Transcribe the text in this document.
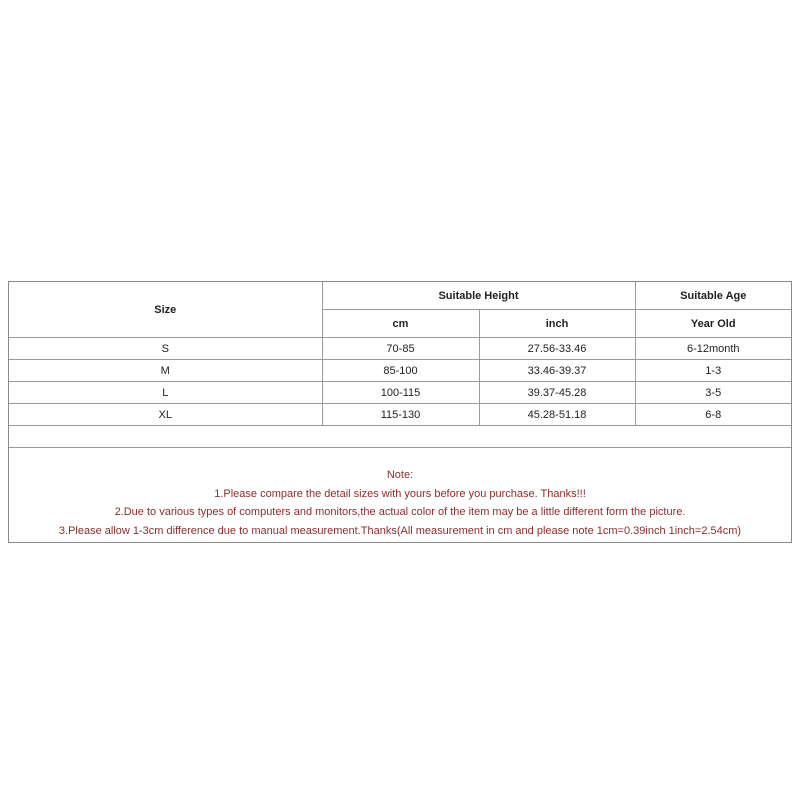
Size	Suitable Height		Suitable Age
	cm	inch	Year Old
S	70-85	27.56-33.46	6-12month
M	85-100	33.46-39.37	1-3
L	100-115	39.37-45.28	3-5
XL	115-130	45.28-51.18	6-8

Note:
1.Please compare the detail sizes with yours before you purchase. Thanks!!!
2.Due to various types of computers and monitors,the actual color of the item may be a little different form the picture.
3.Please allow 1-3cm difference due to manual measurement.Thanks(All measurement in cm and please note 1cm=0.39inch 1inch=2.54cm)
